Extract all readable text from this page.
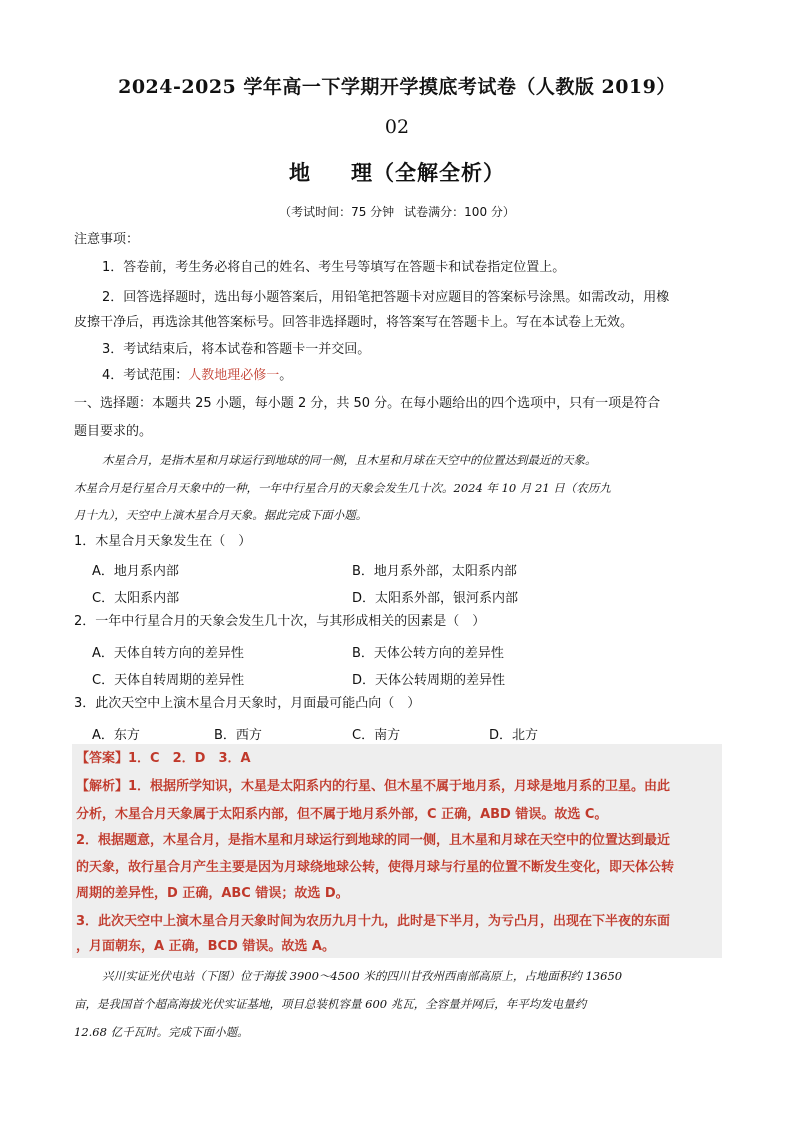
2024-2025 学年高一下学期开学摸底考试卷（人教版 2019）
02
地 理（全解全析）
（考试时间：75 分钟 试卷满分：100 分）
注意事项：
1．答卷前，考生务必将自己的姓名、考生号等填写在答题卡和试卷指定位置上。
2．回答选择题时，选出每小题答案后，用铅笔把答题卡对应题目的答案标号涂黑。如需改动，用橡
皮擦干净后，再选涂其他答案标号。回答非选择题时，将答案写在答题卡上。写在本试卷上无效。
3．考试结束后，将本试卷和答题卡一并交回。
4．考试范围：人教地理必修一。
一、选择题：本题共 25 小题，每小题 2 分，共 50 分。在每小题给出的四个选项中，只有一项是符合
题目要求的。
木星合月，是指木星和月球运行到地球的同一侧，且木星和月球在天空中的位置达到最近的天象。
木星合月是行星合月天象中的一种，一年中行星合月的天象会发生几十次。2024 年 10 月 21 日（农历九
月十九），天空中上演木星合月天象。据此完成下面小题。
1．木星合月天象发生在（　）
A．地月系内部	B．地月系外部，太阳系内部
C．太阳系内部	D．太阳系外部，银河系内部
2．一年中行星合月的天象会发生几十次，与其形成相关的因素是（　）
A．天体自转方向的差异性	B．天体公转方向的差异性
C．天体自转周期的差异性	D．天体公转周期的差异性
3．此次天空中上演木星合月天象时，月面最可能凸向（　）
A．东方	B．西方	C．南方	D．北方
【答案】1．C　2．D　3．A
【解析】1．根据所学知识，木星是太阳系内的行星、但木星不属于地月系，月球是地月系的卫星。由此
分析，木星合月天象属于太阳系内部，但不属于地月系外部，C 正确，ABD 错误。故选 C。
2．根据题意，木星合月，是指木星和月球运行到地球的同一侧，且木星和月球在天空中的位置达到最近
的天象，故行星合月产生主要是因为月球绕地球公转，使得月球与行星的位置不断发生变化，即天体公转
周期的差异性，D 正确，ABC 错误；故选 D。
3．此次天空中上演木星合月天象时间为农历九月十九，此时是下半月，为亏凸月，出现在下半夜的东面
，月面朝东，A 正确，BCD 错误。故选 A。
兴川实证光伏电站（下图）位于海拔 3900～4500 米的四川甘孜州西南部高原上，占地面积约 13650
亩，是我国首个超高海拔光伏实证基地，项目总装机容量 600 兆瓦，全容量并网后，年平均发电量约
12.68 亿千瓦时。完成下面小题。
